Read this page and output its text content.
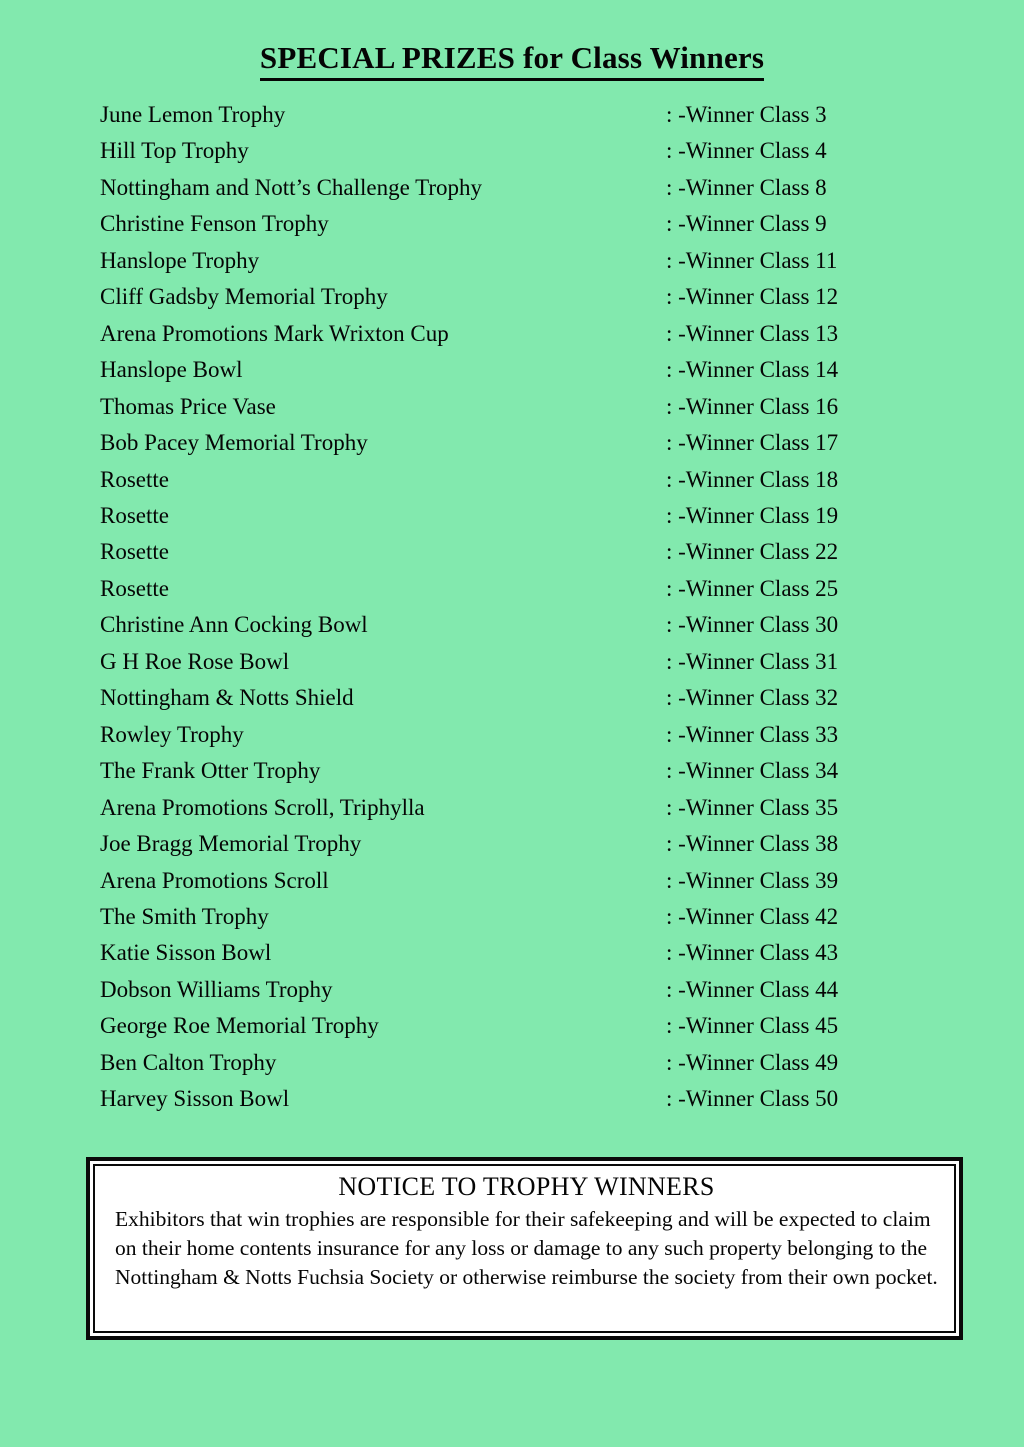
SPECIAL PRIZES for Class Winners
June Lemon Trophy	: -Winner Class 3
Hill Top Trophy	: -Winner Class 4
Nottingham and Nott’s Challenge Trophy	: -Winner Class 8
Christine Fenson Trophy	: -Winner Class 9
Hanslope Trophy	: -Winner Class 11
Cliff Gadsby Memorial Trophy	: -Winner Class 12
Arena Promotions Mark Wrixton Cup	: -Winner Class 13
Hanslope Bowl	: -Winner Class 14
Thomas Price Vase	: -Winner Class 16
Bob Pacey Memorial Trophy	: -Winner Class 17
Rosette	: -Winner Class 18
Rosette	: -Winner Class 19
Rosette	: -Winner Class 22
Rosette	: -Winner Class 25
Christine Ann Cocking Bowl	: -Winner Class 30
G H Roe Rose Bowl	: -Winner Class 31
Nottingham & Notts Shield	: -Winner Class 32
Rowley Trophy	: -Winner Class 33
The Frank Otter Trophy	: -Winner Class 34
Arena Promotions Scroll, Triphylla	: -Winner Class 35
Joe Bragg Memorial Trophy	: -Winner Class 38
Arena Promotions Scroll	: -Winner Class 39
The Smith Trophy	: -Winner Class 42
Katie Sisson Bowl	: -Winner Class 43
Dobson Williams Trophy	: -Winner Class 44
George Roe Memorial Trophy	: -Winner Class 45
Ben Calton Trophy	: -Winner Class 49
Harvey Sisson Bowl	: -Winner Class 50
NOTICE TO TROPHY WINNERS

Exhibitors that win trophies are responsible for their safekeeping and will be expected to claim on their home contents insurance for any loss or damage to any such property belonging to the Nottingham & Notts Fuchsia Society or otherwise reimburse the society from their own pocket.
